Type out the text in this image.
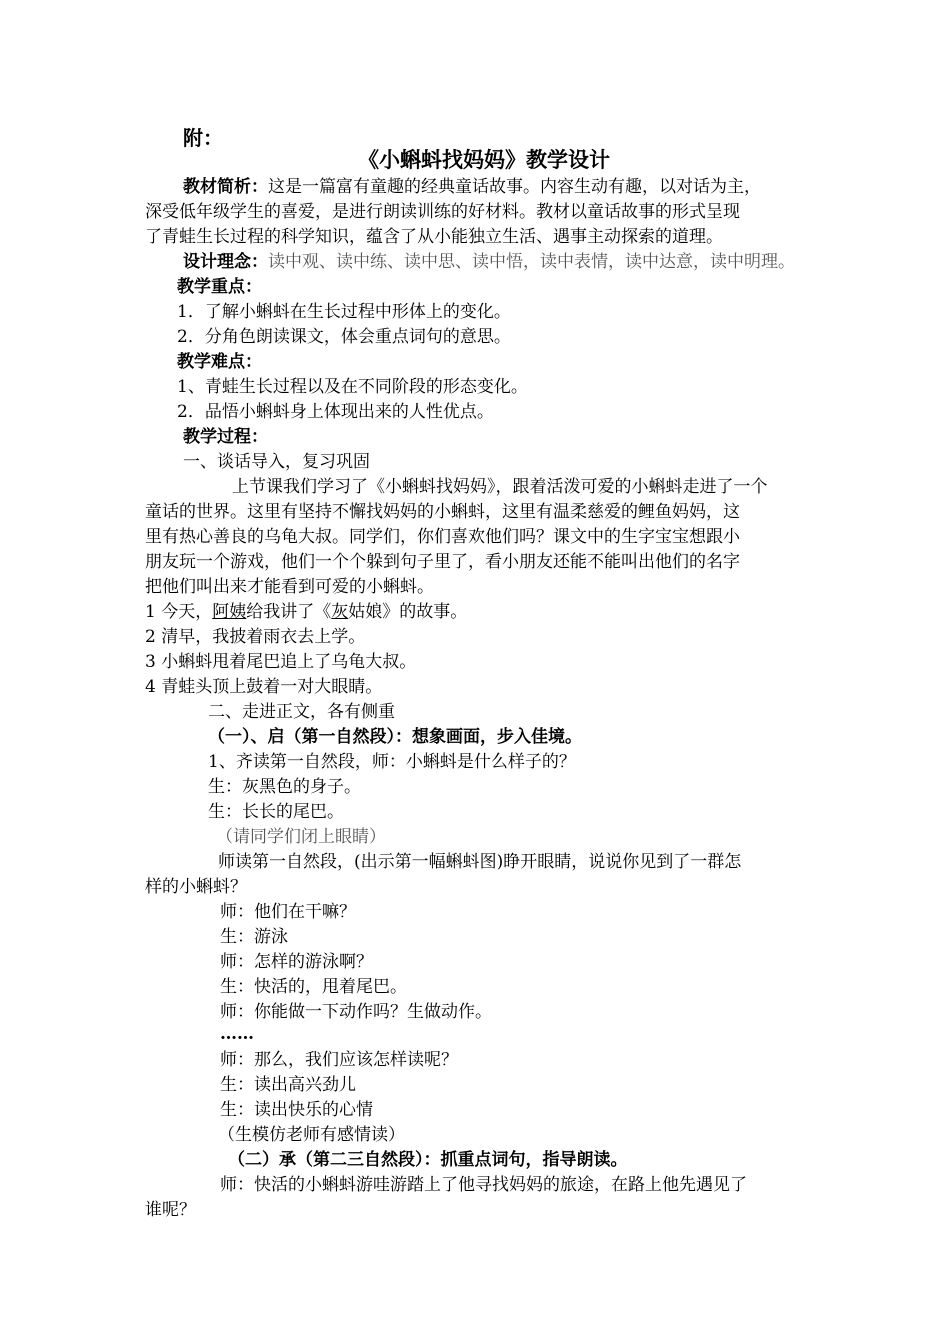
附：
《小蝌蚪找妈妈》教学设计
教材简析：这是一篇富有童趣的经典童话故事。内容生动有趣，以对话为主，
深受低年级学生的喜爱，是进行朗读训练的好材料。教材以童话故事的形式呈现
了青蛙生长过程的科学知识，蕴含了从小能独立生活、遇事主动探索的道理。
设计理念：读中观、读中练、读中思、读中悟，读中表情，读中达意，读中明理。
教学重点：
1．了解小蝌蚪在生长过程中形体上的变化。
2．分角色朗读课文，体会重点词句的意思。
教学难点：
1、青蛙生长过程以及在不同阶段的形态变化。
2．品悟小蝌蚪身上体现出来的人性优点。
教学过程：
一、谈话导入，复习巩固
上节课我们学习了《小蝌蚪找妈妈》，跟着活泼可爱的小蝌蚪走进了一个
童话的世界。这里有坚持不懈找妈妈的小蝌蚪，这里有温柔慈爱的鲤鱼妈妈，这
里有热心善良的乌龟大叔。同学们，你们喜欢他们吗？课文中的生字宝宝想跟小
朋友玩一个游戏，他们一个个躲到句子里了，看小朋友还能不能叫出他们的名字
把他们叫出来才能看到可爱的小蝌蚪。
1 今天，阿姨给我讲了《灰姑娘》的故事。
2 清早，我披着雨衣去上学。
3 小蝌蚪甩着尾巴追上了乌龟大叔。
4 青蛙头顶上鼓着一对大眼睛。
二、走进正文，各有侧重
（一）、启（第一自然段）：想象画面，步入佳境。
1、齐读第一自然段，师：小蝌蚪是什么样子的？
生：灰黑色的身子。
生：长长的尾巴。
（请同学们闭上眼睛）
师读第一自然段，(出示第一幅蝌蚪图)睁开眼睛，说说你见到了一群怎
样的小蝌蚪？
师：他们在干嘛？
生：游泳
师：怎样的游泳啊？
生：快活的，甩着尾巴。
师：你能做一下动作吗？生做动作。
……
师：那么，我们应该怎样读呢？
生：读出高兴劲儿
生：读出快乐的心情
（生模仿老师有感情读）
（二）承（第二三自然段）：抓重点词句，指导朗读。
师：快活的小蝌蚪游哇游踏上了他寻找妈妈的旅途，在路上他先遇见了
谁呢？
